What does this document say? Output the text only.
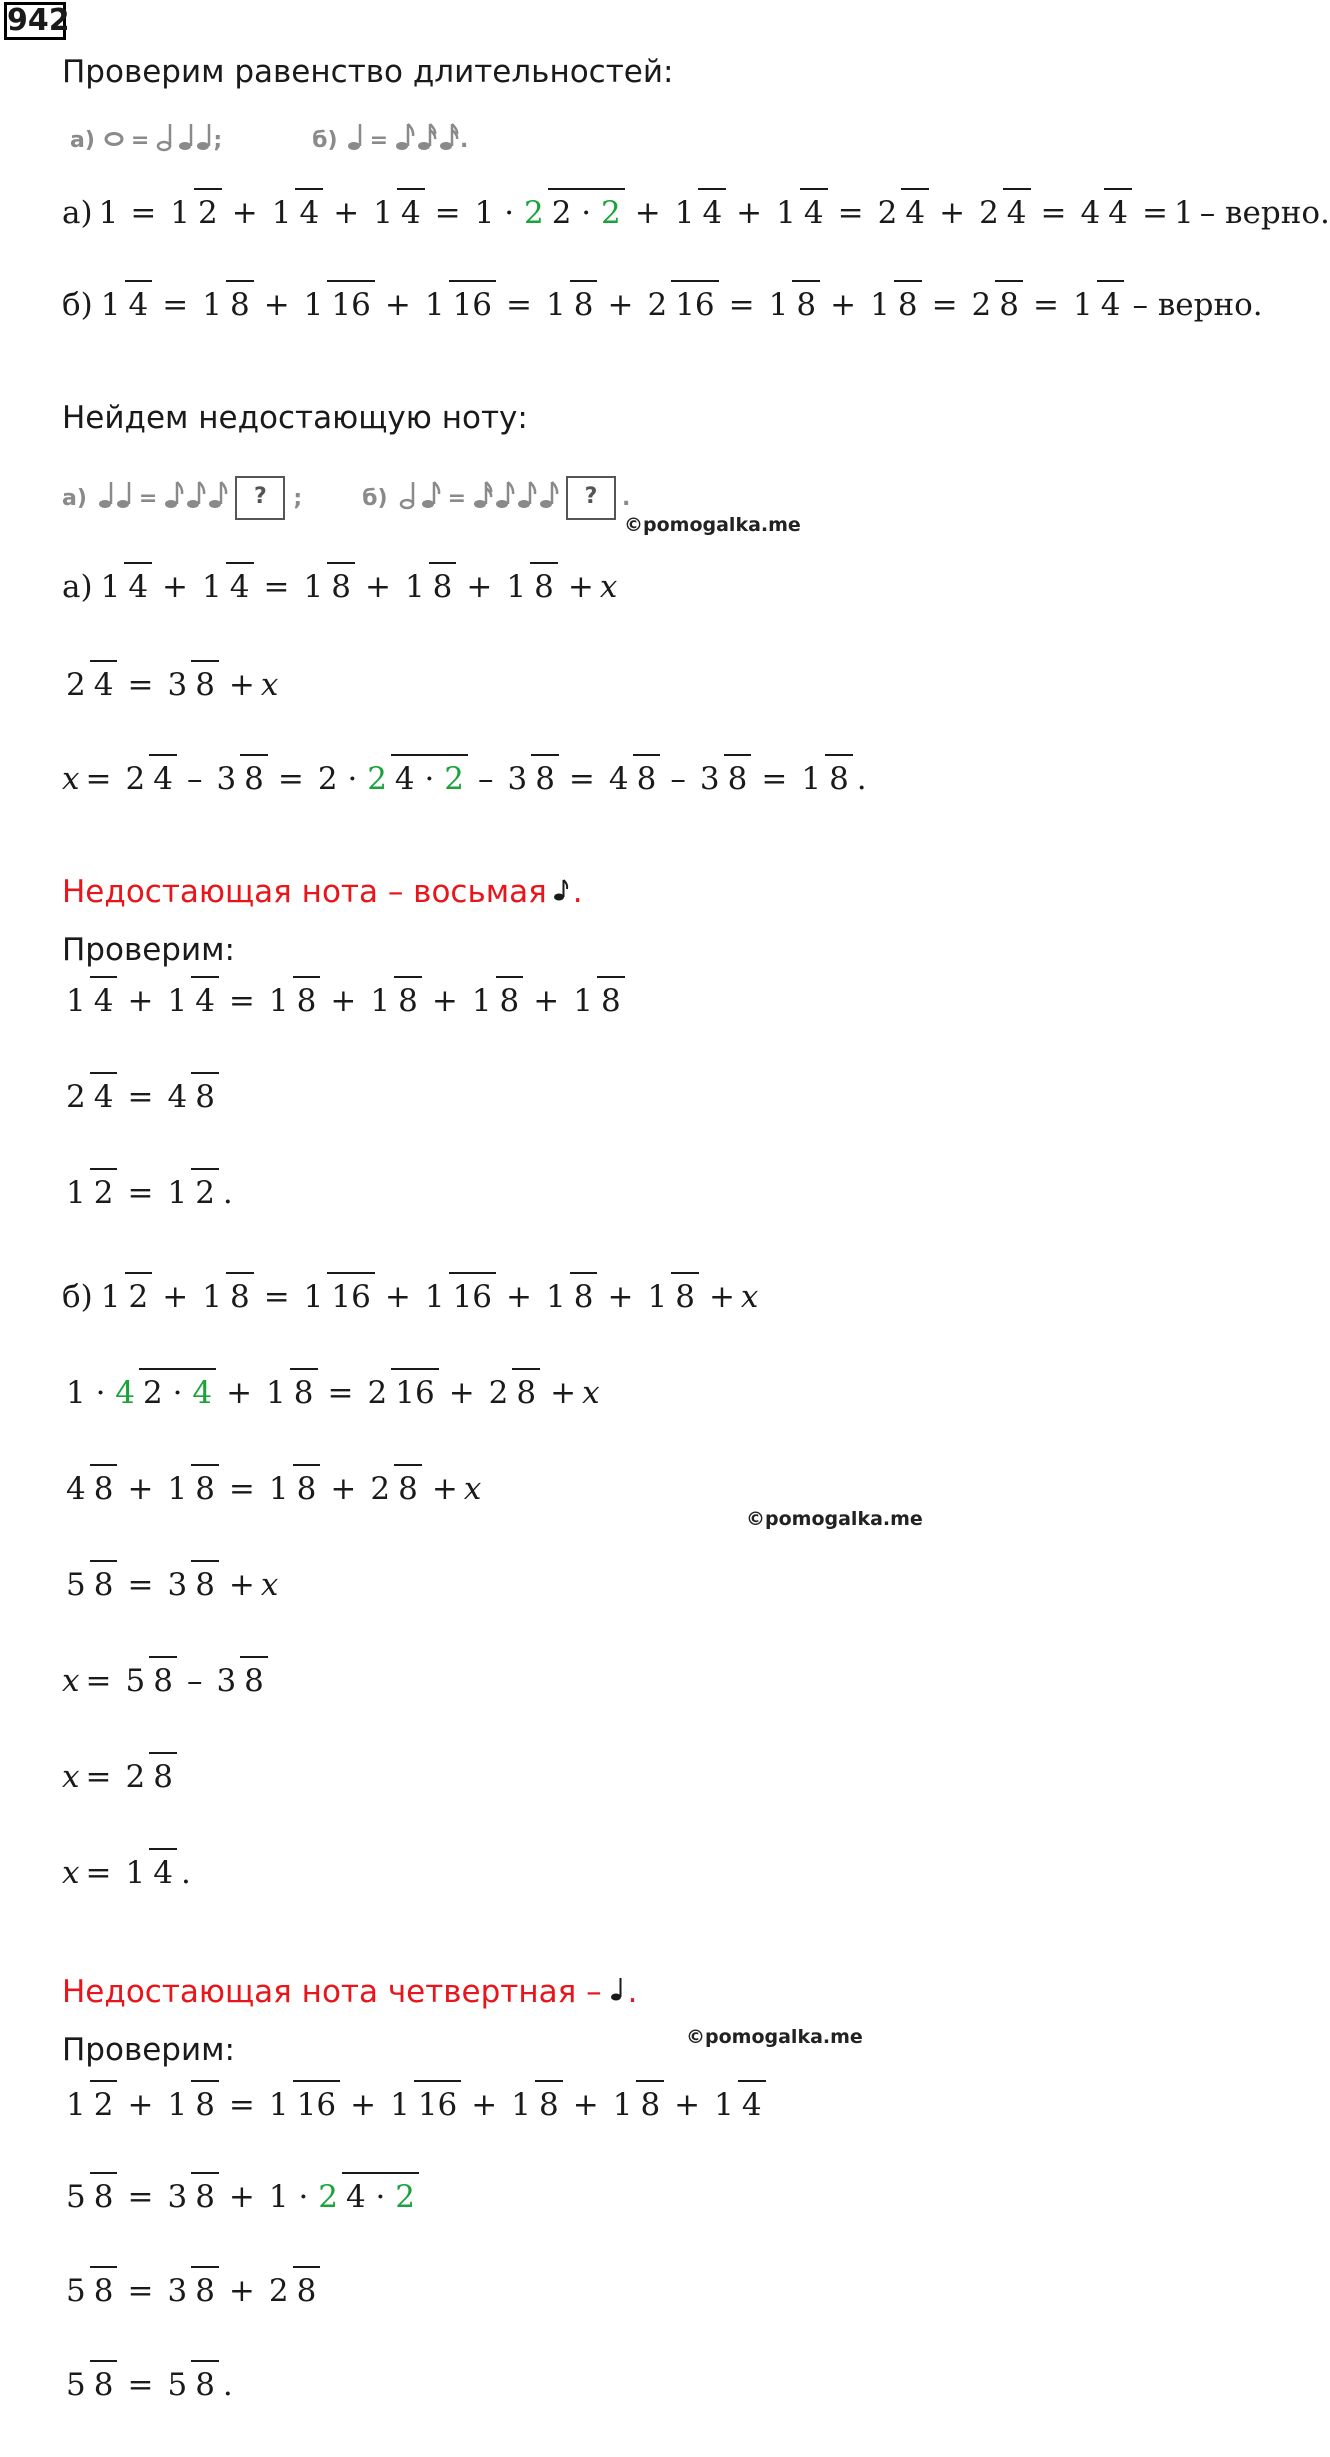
942
Проверим равенство длительностей:
а) =	;	б) =	.
а) 1 = 1 2 + 1 4 + 1 4 = 1 · 2 2 · 2 + 1 4 + 1 4 = 2 4 + 2 4 = 4 4 = 1 – верно.
б) 1 4 = 1 8 + 1 16 + 1 16 = 1 8 + 2 16 = 1 8 + 1 8 = 2 8 = 1 4 – верно.
Нейдем недостающую ноту:
а) =	?	;	б)	=	?	.
©pomogalka.me
а) 1 4 + 1 4 = 1 8 + 1 8 + 1 8 + x
2 4 = 3 8 + x
x = 2 4 – 3 8 = 2 · 2 4 · 2 – 3 8 = 4 8 – 3 8 = 1 8 .
Недостающая нота – восьмая .
Проверим:
1 4 + 1 4 = 1 8 + 1 8 + 1 8 + 1 8
2 4 = 4 8
1 2 = 1 2 .
б) 1 2 + 1 8 = 1 16 + 1 16 + 1 8 + 1 8 + x
1 · 4 2 · 4 + 1 8 = 2 16 + 2 8 + x
4 8 + 1 8 = 1 8 + 2 8 + x
©pomogalka.me
5 8 = 3 8 + x
x = 5 8 – 3 8
x = 2 8
x = 1 4 .
Недостающая нота четвертная – .
Проверим:	©pomogalka.me
1 2 + 1 8 = 1 16 + 1 16 + 1 8 + 1 8 + 1 4
5 8 = 3 8 + 1 · 2 4 · 2
5 8 = 3 8 + 2 8
5 8 = 5 8 .
